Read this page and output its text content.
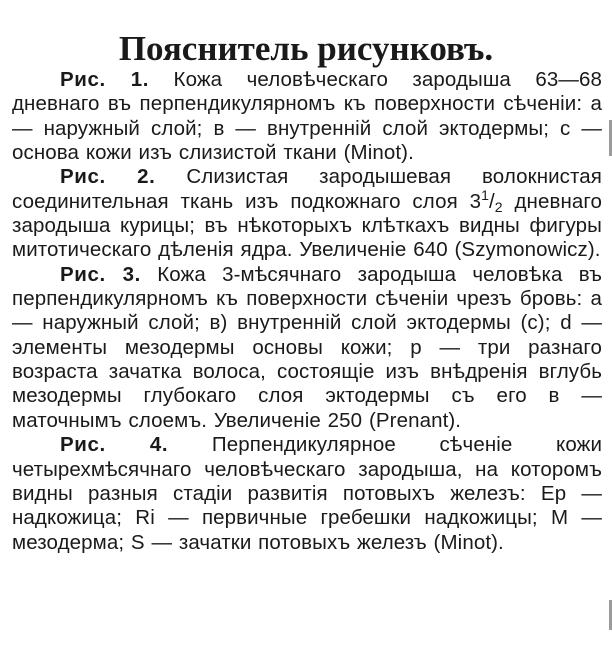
Пояснитель рисунковъ.

Рис. 1. Кожа человѣческаго зародыша 63—68 дневнаго въ перпендикулярномъ къ поверхности сѣченiи: а — наружный слой; в — внутреннiй слой эктодермы; с — основа кожи изъ слизистой ткани (Minot).

Рис. 2. Слизистая зародышевая волокнистая соединительная ткань изъ подкожнаго слоя $3^1/_2$ дневнаго зародыша курицы; въ нѣкоторыхъ клѣткахъ видны фигуры митотическаго дѣленiя ядра. Увеличенiе 640 (Szymonowicz).

Рис. 3. Кожа 3-мѣсячнаго зародыша человѣка въ перпендикулярномъ къ поверхности сѣченiи чрезъ бровь: а — наружный слой; в) внутреннiй слой эктодермы (с); d — элементы мезодермы основы кожи; р — три разнаго возраста зачатка волоса, состоящiе изъ внѣдренiя вглубь мезодермы глубокаго слоя эктодермы съ его в — маточнымъ слоемъ. Увеличенiе 250 (Prenant).

Рис. 4. Перпендикулярное сѣченiе кожи четырехмѣсячнаго человѣческаго зародыша, на которомъ видны разныя стадiи развитiя потовыхъ железъ: Ер — надкожица; Ri — первичные гребешки надкожицы; М — мезодерма; S — зачатки потовыхъ железъ (Minot).
